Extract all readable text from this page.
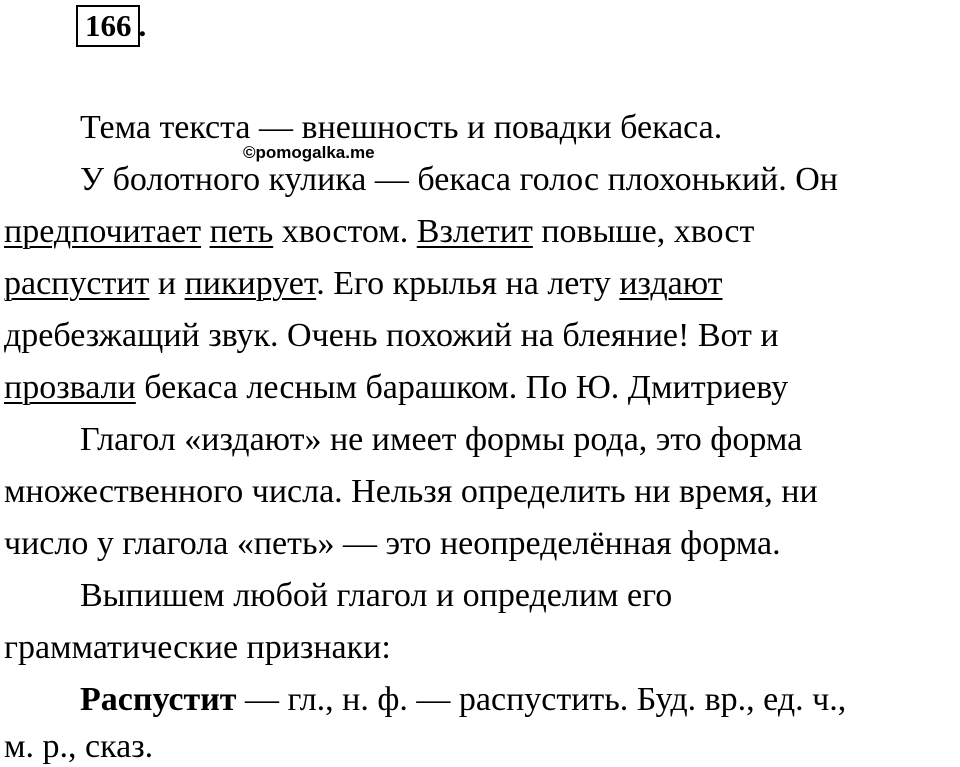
166 .
Тема текста — внешность и повадки бекаса.
©pomogalka.me
У болотного кулика — бекаса голос плохонький. Он
предпочитает петь хвостом. Взлетит повыше, хвост
распустит и пикирует. Его крылья на лету издают
дребезжащий звук. Очень похожий на блеяние! Вот и
прозвали бекаса лесным барашком. По Ю. Дмитриеву
Глагол «издают» не имеет формы рода, это форма
множественного числа. Нельзя определить ни время, ни
число у глагола «петь» — это неопределённая форма.
Выпишем любой глагол и определим его
грамматические признаки:
Распустит — гл., н. ф. — распустить. Буд. вр., ед. ч.,
м. р., сказ.
